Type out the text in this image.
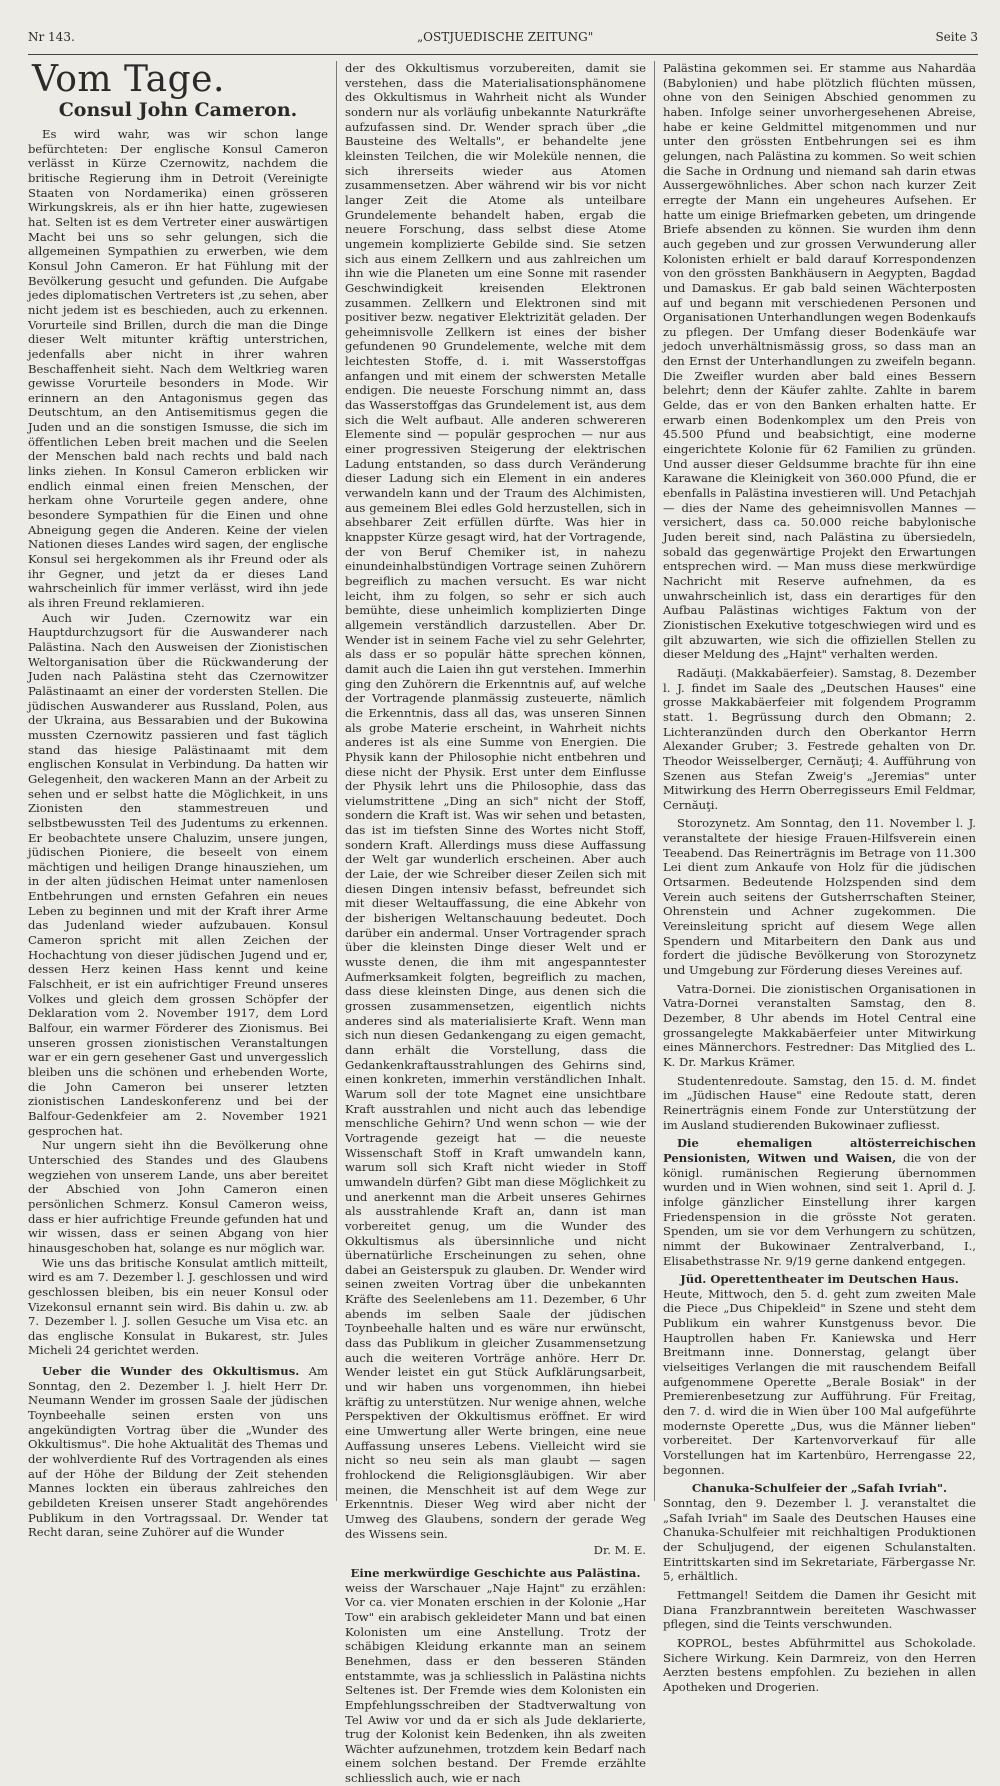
Nr 143.	„OSTJUEDISCHE ZEITUNG"	Seite 3
Vom Tage.
Consul John Cameron.

Es wird wahr, was wir schon lange befürchteten: Der englische Konsul Cameron verlässt in Kürze Czernowitz, nachdem die britische Regierung ihm in Detroit (Vereinigte Staaten von Nordamerika) einen grösseren Wirkungskreis, als er ihn hier hatte, zugewiesen hat. Selten ist es dem Vertreter einer auswärtigen Macht bei uns so sehr gelungen, sich die allgemeinen Sympathien zu erwerben, wie dem Konsul John Cameron. Er hat Fühlung mit der Bevölkerung gesucht und gefunden. Die Aufgabe jedes diplomatischen Vertreters ist ‚zu sehen, aber nicht jedem ist es beschieden, auch zu erkennen. Vorurteile sind Brillen, durch die man die Dinge dieser Welt mitunter kräftig unterstrichen, jedenfalls aber nicht in ihrer wahren Beschaffenheit sieht. Nach dem Weltkrieg waren gewisse Vorurteile besonders in Mode. Wir erinnern an den Antagonismus gegen das Deutschtum, an den Antisemitismus gegen die Juden und an die sonstigen Ismusse, die sich im öffentlichen Leben breit machen und die Seelen der Menschen bald nach rechts und bald nach links ziehen. In Konsul Cameron erblicken wir endlich einmal einen freien Menschen, der herkam ohne Vorurteile gegen andere, ohne besondere Sympathien für die Einen und ohne Abneigung gegen die Anderen. Keine der vielen Nationen dieses Landes wird sagen, der englische Konsul sei hergekommen als ihr Freund oder als ihr Gegner, und jetzt da er dieses Land wahrscheinlich für immer verlässt, wird ihn jede als ihren Freund reklamieren.

Auch wir Juden. Czernowitz war ein Hauptdurchzugsort für die Auswanderer nach Palästina. Nach den Ausweisen der Zionistischen Weltorganisation über die Rückwanderung der Juden nach Palästina steht das Czernowitzer Palästinaamt an einer der vordersten Stellen. Die jüdischen Auswanderer aus Russland, Polen, aus der Ukraina, aus Bessarabien und der Bukowina mussten Czernowitz passieren und fast täglich stand das hiesige Palästinaamt mit dem englischen Konsulat in Verbindung. Da hatten wir Gelegenheit, den wackeren Mann an der Arbeit zu sehen und er selbst hatte die Möglichkeit, in uns Zionisten den stammestreuen und selbstbewussten Teil des Judentums zu erkennen. Er beobachtete unsere Chaluzim, unsere jungen, jüdischen Pioniere, die beseelt von einem mächtigen und heiligen Drange hinausziehen, um in der alten jüdischen Heimat unter namenlosen Entbehrungen und ernsten Gefahren ein neues Leben zu beginnen und mit der Kraft ihrer Arme das Judenland wieder aufzubauen. Konsul Cameron spricht mit allen Zeichen der Hochachtung von dieser jüdischen Jugend und er, dessen Herz keinen Hass kennt und keine Falschheit, er ist ein aufrichtiger Freund unseres Volkes und gleich dem grossen Schöpfer der Deklaration vom 2. November 1917, dem Lord Balfour, ein warmer Förderer des Zionismus. Bei unseren grossen zionistischen Veranstaltungen war er ein gern gesehener Gast und unvergesslich bleiben uns die schönen und erhebenden Worte, die John Cameron bei unserer letzten zionistischen Landeskonferenz und bei der Balfour-Gedenkfeier am 2. November 1921 gesprochen hat.

Nur ungern sieht ihn die Bevölkerung ohne Unterschied des Standes und des Glaubens wegziehen von unserem Lande, uns aber bereitet der Abschied von John Cameron einen persönlichen Schmerz. Konsul Cameron weiss, dass er hier aufrichtige Freunde gefunden hat und wir wissen, dass er seinen Abgang von hier hinausgeschoben hat, solange es nur möglich war.

Wie uns das britische Konsulat amtlich mitteilt, wird es am 7. Dezember l. J. geschlossen und wird geschlossen bleiben, bis ein neuer Konsul oder Vizekonsul ernannt sein wird. Bis dahin u. zw. ab 7. Dezember l. J. sollen Gesuche um Visa etc. an das englische Konsulat in Bukarest, str. Jules Micheli 24 gerichtet werden.

Ueber die Wunder des Okkultismus. Am Sonntag, den 2. Dezember l. J. hielt Herr Dr. Neumann Wender im grossen Saale der jüdischen Toynbeehalle seinen ersten von uns angekündigten Vortrag über die „Wunder des Okkultismus". Die hohe Aktualität des Themas und der wohlverdiente Ruf des Vortragenden als eines auf der Höhe der Bildung der Zeit stehenden Mannes lockten ein überaus zahlreiches den gebildeten Kreisen unserer Stadt angehörendes Publikum in den Vortragssaal. Dr. Wender tat Recht daran, seine Zuhörer auf die Wunder

der des Okkultismus vorzubereiten, damit sie verstehen, dass die Materialisationsphänomene des Okkultismus in Wahrheit nicht als Wunder sondern nur als vorläufig unbekannte Naturkräfte aufzufassen sind. Dr. Wender sprach über „die Bausteine des Weltalls", er behandelte jene kleinsten Teilchen, die wir Moleküle nennen, die sich ihrerseits wieder aus Atomen zusammensetzen. Aber während wir bis vor nicht langer Zeit die Atome als unteilbare Grundelemente behandelt haben, ergab die neuere Forschung, dass selbst diese Atome ungemein komplizierte Gebilde sind. Sie setzen sich aus einem Zellkern und aus zahlreichen um ihn wie die Planeten um eine Sonne mit rasender Geschwindigkeit kreisenden Elektronen zusammen. Zellkern und Elektronen sind mit positiver bezw. negativer Elektrizität geladen. Der geheimnisvolle Zellkern ist eines der bisher gefundenen 90 Grundelemente, welche mit dem leichtesten Stoffe, d. i. mit Wasserstoffgas anfangen und mit einem der schwersten Metalle endigen. Die neueste Forschung nimmt an, dass das Wasserstoffgas das Grundelement ist, aus dem sich die Welt aufbaut. Alle anderen schwereren Elemente sind — populär gesprochen — nur aus einer progressiven Steigerung der elektrischen Ladung entstanden, so dass durch Veränderung dieser Ladung sich ein Element in ein anderes verwandeln kann und der Traum des Alchimisten, aus gemeinem Blei edles Gold herzustellen, sich in absehbarer Zeit erfüllen dürfte. Was hier in knappster Kürze gesagt wird, hat der Vortragende, der von Beruf Chemiker ist, in nahezu einundeinhalbstündigen Vortrage seinen Zuhörern begreiflich zu machen versucht. Es war nicht leicht, ihm zu folgen, so sehr er sich auch bemühte, diese unheimlich komplizierten Dinge allgemein verständlich darzustellen. Aber Dr. Wender ist in seinem Fache viel zu sehr Gelehrter, als dass er so populär hätte sprechen können, damit auch die Laien ihn gut verstehen. Immerhin ging den Zuhörern die Erkenntnis auf, auf welche der Vortragende planmässig zusteuerte, nämlich die Erkenntnis, dass all das, was unseren Sinnen als grobe Materie erscheint, in Wahrheit nichts anderes ist als eine Summe von Energien. Die Physik kann der Philosophie nicht entbehren und diese nicht der Physik. Erst unter dem Einflusse der Physik lehrt uns die Philosophie, dass das vielumstrittene „Ding an sich" nicht der Stoff, sondern die Kraft ist. Was wir sehen und betasten, das ist im tiefsten Sinne des Wortes nicht Stoff, sondern Kraft. Allerdings muss diese Auffassung der Welt gar wunderlich erscheinen. Aber auch der Laie, der wie Schreiber dieser Zeilen sich mit diesen Dingen intensiv befasst, befreundet sich mit dieser Weltauffassung, die eine Abkehr von der bisherigen Weltanschauung bedeutet. Doch darüber ein andermal. Unser Vortragender sprach über die kleinsten Dinge dieser Welt und er wusste denen, die ihm mit angespanntester Aufmerksamkeit folgten, begreiflich zu machen, dass diese kleinsten Dinge, aus denen sich die grossen zusammensetzen, eigentlich nichts anderes sind als materialisierte Kraft. Wenn man sich nun diesen Gedankengang zu eigen gemacht, dann erhält die Vorstellung, dass die Gedankenkraftausstrahlungen des Gehirns sind, einen konkreten, immerhin verständlichen Inhalt. Warum soll der tote Magnet eine unsichtbare Kraft ausstrahlen und nicht auch das lebendige menschliche Gehirn? Und wenn schon — wie der Vortragende gezeigt hat — die neueste Wissenschaft Stoff in Kraft umwandeln kann, warum soll sich Kraft nicht wieder in Stoff umwandeln dürfen? Gibt man diese Möglichkeit zu und anerkennt man die Arbeit unseres Gehirnes als ausstrahlende Kraft an, dann ist man vorbereitet genug, um die Wunder des Okkultismus als übersinnliche und nicht übernatürliche Erscheinungen zu sehen, ohne dabei an Geisterspuk zu glauben. Dr. Wender wird seinen zweiten Vortrag über die unbekannten Kräfte des Seelenlebens am 11. Dezember, 6 Uhr abends im selben Saale der jüdischen Toynbeehalle halten und es wäre nur erwünscht, dass das Publikum in gleicher Zusammensetzung auch die weiteren Vorträge anhöre. Herr Dr. Wender leistet ein gut Stück Aufklärungsarbeit, und wir haben uns vorgenommen, ihn hiebei kräftig zu unterstützen. Nur wenige ahnen, welche Perspektiven der Okkultismus eröffnet. Er wird eine Umwertung aller Werte bringen, eine neue Auffassung unseres Lebens. Vielleicht wird sie nicht so neu sein als man glaubt — sagen frohlockend die Religionsgläubigen. Wir aber meinen, die Menschheit ist auf dem Wege zur Erkenntnis. Dieser Weg wird aber nicht der Umweg des Glaubens, sondern der gerade Weg des Wissens sein.

Dr. M. E.
Eine merkwürdige Geschichte aus Palästina.

weiss der Warschauer „Naje Hajnt" zu erzählen: Vor ca. vier Monaten erschien in der Kolonie „Har Tow" ein arabisch gekleideter Mann und bat einen Kolonisten um eine Anstellung. Trotz der schäbigen Kleidung erkannte man an seinem Benehmen, dass er den besseren Ständen entstammte, was ja schliesslich in Palästina nichts Seltenes ist. Der Fremde wies dem Kolonisten ein Empfehlungsschreiben der Stadtverwaltung von Tel Awiw vor und da er sich als Jude deklarierte, trug der Kolonist kein Bedenken, ihn als zweiten Wächter aufzunehmen, trotzdem kein Bedarf nach einem solchen bestand. Der Fremde erzählte schliesslich auch, wie er nach

Palästina gekommen sei. Er stamme aus Nahardäa (Babylonien) und habe plötzlich flüchten müssen, ohne von den Seinigen Abschied genommen zu haben. Infolge seiner unvorhergesehenen Abreise, habe er keine Geldmittel mitgenommen und nur unter den grössten Entbehrungen sei es ihm gelungen, nach Palästina zu kommen. So weit schien die Sache in Ordnung und niemand sah darin etwas Aussergewöhnliches. Aber schon nach kurzer Zeit erregte der Mann ein ungeheures Aufsehen. Er hatte um einige Briefmarken gebeten, um dringende Briefe absenden zu können. Sie wurden ihm denn auch gegeben und zur grossen Verwunderung aller Kolonisten erhielt er bald darauf Korrespondenzen von den grössten Bankhäusern in Aegypten, Bagdad und Damaskus. Er gab bald seinen Wächterposten auf und begann mit verschiedenen Personen und Organisationen Unterhandlungen wegen Bodenkaufs zu pflegen. Der Umfang dieser Bodenkäufe war jedoch unverhältnismässig gross, so dass man an den Ernst der Unterhandlungen zu zweifeln begann. Die Zweifler wurden aber bald eines Bessern belehrt; denn der Käufer zahlte. Zahlte in barem Gelde, das er von den Banken erhalten hatte. Er erwarb einen Bodenkomplex um den Preis von 45.500 Pfund und beabsichtigt, eine moderne eingerichtete Kolonie für 62 Familien zu gründen. Und ausser dieser Geldsumme brachte für ihn eine Karawane die Kleinigkeit von 360.000 Pfund, die er ebenfalls in Palästina investieren will. Und Petachjah — dies der Name des geheimnisvollen Mannes — versichert, dass ca. 50.000 reiche babylonische Juden bereit sind, nach Palästina zu übersiedeln, sobald das gegenwärtige Projekt den Erwartungen entsprechen wird. — Man muss diese merkwürdige Nachricht mit Reserve aufnehmen, da es unwahrscheinlich ist, dass ein derartiges für den Aufbau Palästinas wichtiges Faktum von der Zionistischen Exekutive totgeschwiegen wird und es gilt abzuwarten, wie sich die offiziellen Stellen zu dieser Meldung des „Hajnt" verhalten werden.

Radăuţi. (Makkabäerfeier). Samstag, 8. Dezember l. J. findet im Saale des „Deutschen Hauses" eine grosse Makkabäerfeier mit folgendem Programm statt. 1. Begrüssung durch den Obmann; 2. Lichteranzünden durch den Oberkantor Herrn Alexander Gruber; 3. Festrede gehalten von Dr. Theodor Weisselberger, Cernăuţi; 4. Aufführung von Szenen aus Stefan Zweig's „Jeremias" unter Mitwirkung des Herrn Oberregisseurs Emil Feldmar, Cernăuţi.

Storozynetz. Am Sonntag, den 11. November l. J. veranstaltete der hiesige Frauen-Hilfsverein einen Teeabend. Das Reinerträgnis im Betrage von 11.300 Lei dient zum Ankaufe von Holz für die jüdischen Ortsarmen. Bedeutende Holzspenden sind dem Verein auch seitens der Gutsherrschaften Steiner, Ohrenstein und Achner zugekommen. Die Vereinsleitung spricht auf diesem Wege allen Spendern und Mitarbeitern den Dank aus und fordert die jüdische Bevölkerung von Storozynetz und Umgebung zur Förderung dieses Vereines auf.

Vatra-Dornei. Die zionistischen Organisationen in Vatra-Dornei veranstalten Samstag, den 8. Dezember, 8 Uhr abends im Hotel Central eine grossangelegte Makkabäerfeier unter Mitwirkung eines Männerchors. Festredner: Das Mitglied des L. K. Dr. Markus Krämer.

Studentenredoute. Samstag, den 15. d. M. findet im „Jüdischen Hause" eine Redoute statt, deren Reinerträgnis einem Fonde zur Unterstützung der im Ausland studierenden Bukowinaer zufliesst.

Die ehemaligen altösterreichischen Pensionisten, Witwen und Waisen, die von der königl. rumänischen Regierung übernommen wurden und in Wien wohnen, sind seit 1. April d. J. infolge gänzlicher Einstellung ihrer kargen Friedenspension in die grösste Not geraten. Spenden, um sie vor dem Verhungern zu schützen, nimmt der Bukowinaer Zentralverband, I., Elisabethstrasse Nr. 9/19 gerne dankend entgegen.

Jüd. Operettentheater im Deutschen Haus.

Heute, Mittwoch, den 5. d. geht zum zweiten Male die Piece „Dus Chipekleid" in Szene und steht dem Publikum ein wahrer Kunstgenuss bevor. Die Hauptrollen haben Fr. Kaniewska und Herr Breitmann inne. Donnerstag, gelangt über vielseitiges Verlangen die mit rauschendem Beifall aufgenommene Operette „Berale Bosiak" in der Premierenbesetzung zur Aufführung. Für Freitag, den 7. d. wird die in Wien über 100 Mal aufgeführte modernste Operette „Dus, wus die Männer lieben" vorbereitet. Der Kartenvorverkauf für alle Vorstellungen hat im Kartenbüro, Herrengasse 22, begonnen.

Chanuka-Schulfeier der „Safah Ivriah".

Sonntag, den 9. Dezember l. J. veranstaltet die „Safah Ivriah" im Saale des Deutschen Hauses eine Chanuka-Schulfeier mit reichhaltigen Produktionen der Schuljugend, der eigenen Schulanstalten. Eintrittskarten sind im Sekretariate, Färbergasse Nr. 5, erhältlich.

Fettmangel! Seitdem die Damen ihr Gesicht mit Diana Franzbranntwein bereiteten Waschwasser pflegen, sind die Teints verschwunden.

KOPROL, bestes Abführmittel aus Schokolade. Sichere Wirkung. Kein Darmreiz, von den Herren Aerzten bestens empfohlen. Zu beziehen in allen Apotheken und Drogerien.
